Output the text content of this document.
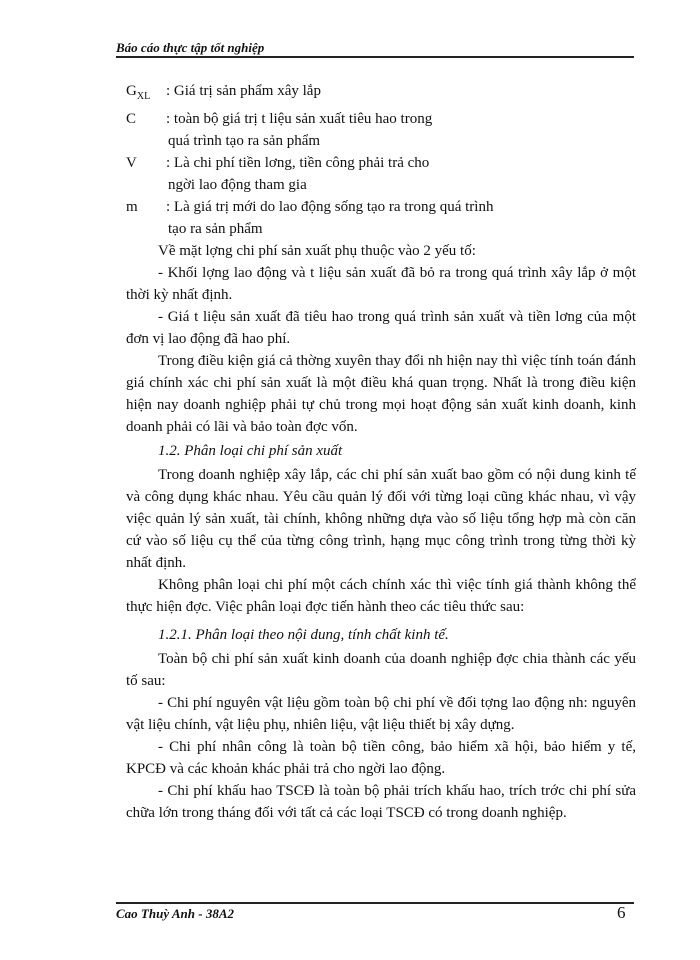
Báo cáo thực tập tốt nghiệp
$G_{XL}$	: Giá trị sản phẩm xây lắp
C	: toàn bộ giá trị t liệu sản xuất tiêu hao trong
quá trình tạo ra sản phẩm
V	: Là chi phí tiền lơng, tiền công phải trả cho
ngời lao động tham gia
m	: Là giá trị mới do lao động sống tạo ra trong quá trình
tạo ra sản phẩm

Về mặt lợng chi phí sản xuất phụ thuộc vào 2 yếu tố:

- Khối lợng lao động và t liệu sản xuất đã bỏ ra trong quá trình xây lắp ở một thời kỳ nhất định.

- Giá t liệu sản xuất đã tiêu hao trong quá trình sản xuất và tiền lơng của một đơn vị lao động đã hao phí.

Trong điều kiện giá cả thờng xuyên thay đổi nh hiện nay thì việc tính toán đánh giá chính xác chi phí sản xuất là một điều khá quan trọng. Nhất là trong điều kiện hiện nay doanh nghiệp phải tự chủ trong mọi hoạt động sản xuất kinh doanh, kinh doanh phải có lãi và bảo toàn đợc vốn.

1.2. Phân loại chi phí sản xuất

Trong doanh nghiệp xây lắp, các chi phí sản xuất bao gồm có nội dung kinh tế và công dụng khác nhau. Yêu cầu quản lý đối với từng loại cũng khác nhau, vì vậy việc quản lý sản xuất, tài chính, không những dựa vào số liệu tổng hợp mà còn căn cứ vào số liệu cụ thể của từng công trình, hạng mục công trình trong từng thời kỳ nhất định.

Không phân loại chi phí một cách chính xác thì việc tính giá thành không thể thực hiện đợc. Việc phân loại đợc tiến hành theo các tiêu thức sau:

1.2.1. Phân loại theo nội dung, tính chất kinh tế.

Toàn bộ chi phí sản xuất kinh doanh của doanh nghiệp đợc chia thành các yếu tố sau:

- Chi phí nguyên vật liệu gồm toàn bộ chi phí về đối tợng lao động nh: nguyên vật liệu chính, vật liệu phụ, nhiên liệu, vật liệu thiết bị xây dựng.

- Chi phí nhân công là toàn bộ tiền công, bảo hiểm xã hội, bảo hiểm y tế, KPCĐ và các khoản khác phải trả cho ngời lao động.

- Chi phí khấu hao TSCĐ là toàn bộ phải trích khấu hao, trích trớc chi phí sửa chữa lớn trong tháng đối với tất cả các loại TSCĐ có trong doanh nghiệp.

Cao Thuỳ Anh - 38A2	6
